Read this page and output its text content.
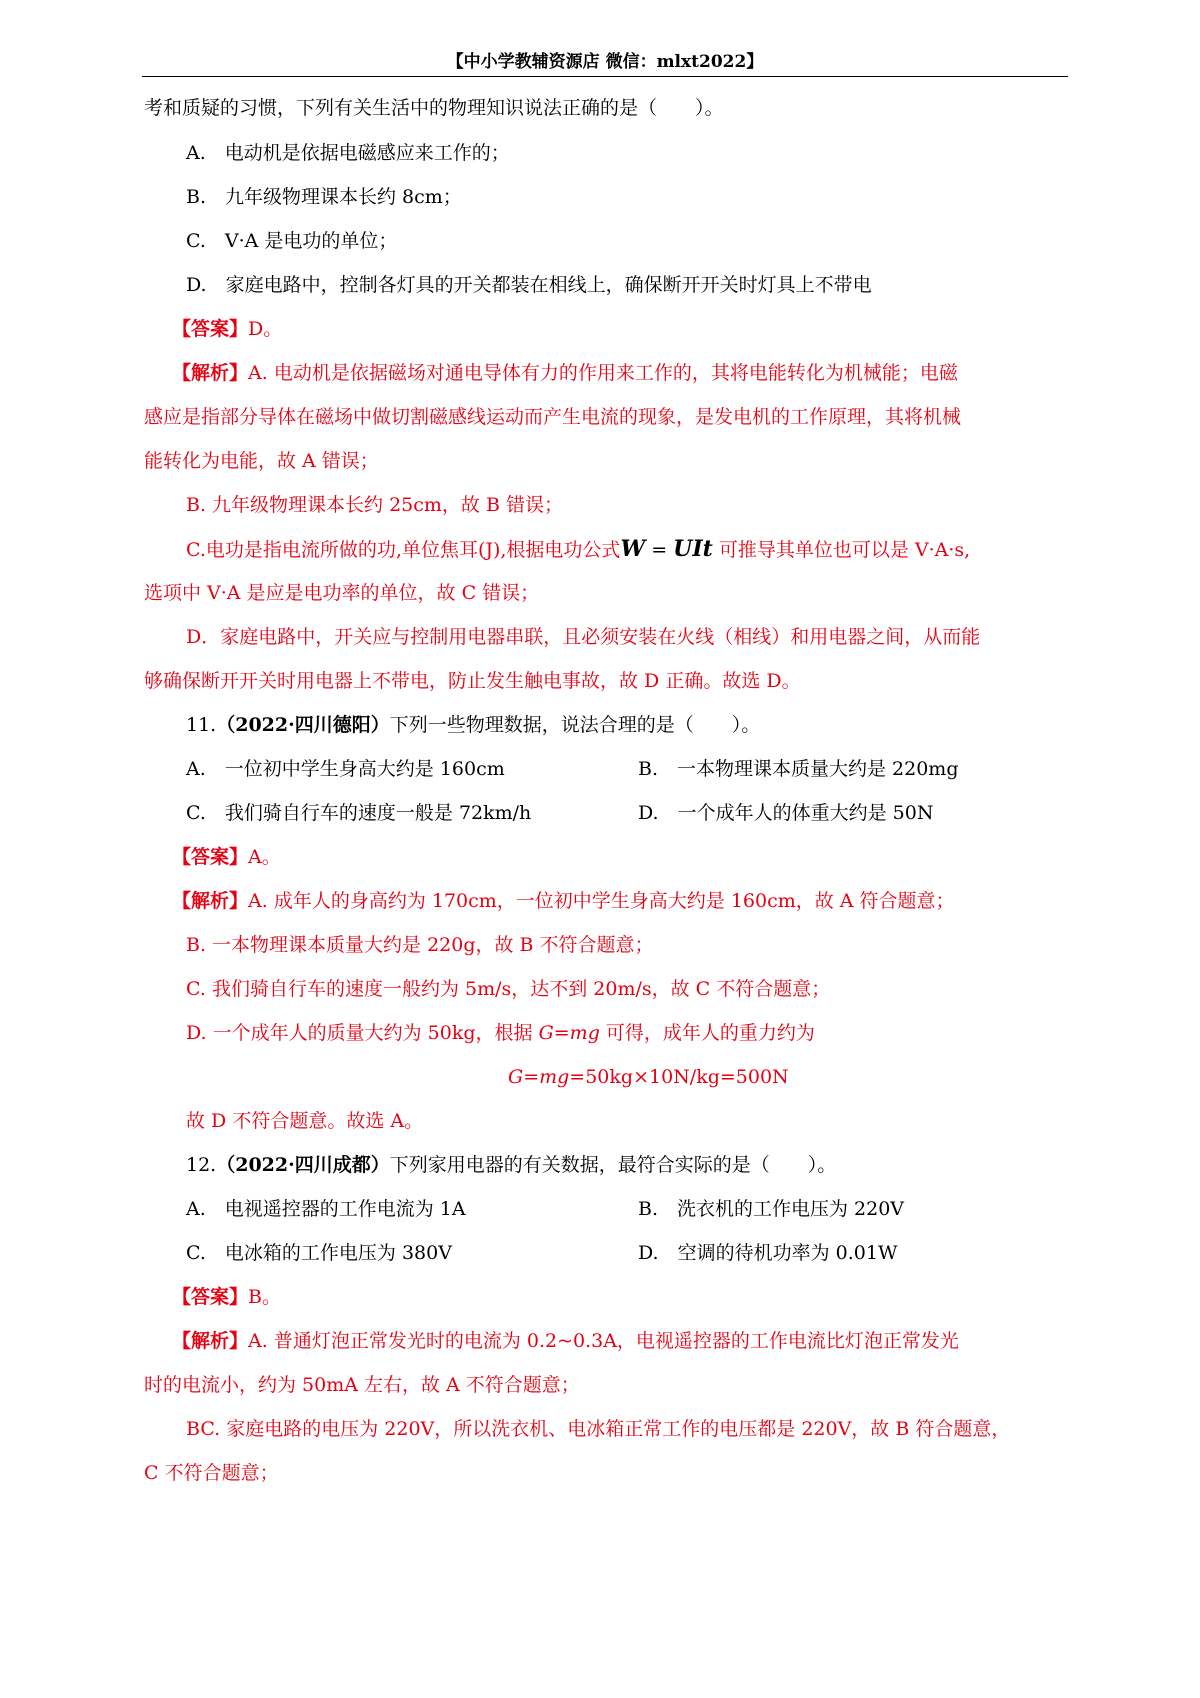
【中小学教辅资源店 微信：mlxt2022】
考和质疑的习惯，下列有关生活中的物理知识说法正确的是（　　）。
A.　电动机是依据电磁感应来工作的；
B.　九年级物理课本长约 8cm；
C.　V·A 是电功的单位；
D.　家庭电路中，控制各灯具的开关都装在相线上，确保断开开关时灯具上不带电
【答案】D。
【解析】A. 电动机是依据磁场对通电导体有力的作用来工作的，其将电能转化为机械能；电磁
感应是指部分导体在磁场中做切割磁感线运动而产生电流的现象，是发电机的工作原理，其将机械
能转化为电能，故 A 错误；
B. 九年级物理课本长约 25cm，故 B 错误；
C.电功是指电流所做的功,单位焦耳(J),根据电功公式W = UIt 可推导其单位也可以是 V·A·s,
选项中 V·A 是应是电功率的单位，故 C 错误；
D．家庭电路中，开关应与控制用电器串联，且必须安装在火线（相线）和用电器之间，从而能
够确保断开开关时用电器上不带电，防止发生触电事故，故 D 正确。故选 D。
11.（2022·四川德阳）下列一些物理数据，说法合理的是（　　）。
A.　一位初中学生身高大约是 160cm	B.　一本物理课本质量大约是 220mg
C.　我们骑自行车的速度一般是 72km/h	D.　一个成年人的体重大约是 50N
【答案】A。
【解析】A. 成年人的身高约为 170cm，一位初中学生身高大约是 160cm，故 A 符合题意；
B. 一本物理课本质量大约是 220g，故 B 不符合题意；
C. 我们骑自行车的速度一般约为 5m/s，达不到 20m/s，故 C 不符合题意；
D. 一个成年人的质量大约为 50kg，根据 G=mg 可得，成年人的重力约为
G=mg=50kg×10N/kg=500N
故 D 不符合题意。故选 A。
12.（2022·四川成都）下列家用电器的有关数据，最符合实际的是（　　）。
A.　电视遥控器的工作电流为 1A	B.　洗衣机的工作电压为 220V
C.　电冰箱的工作电压为 380V	D.　空调的待机功率为 0.01W
【答案】B。
【解析】A. 普通灯泡正常发光时的电流为 0.2~0.3A，电视遥控器的工作电流比灯泡正常发光
时的电流小，约为 50mA 左右，故 A 不符合题意；
BC. 家庭电路的电压为 220V，所以洗衣机、电冰箱正常工作的电压都是 220V，故 B 符合题意，
C 不符合题意；
